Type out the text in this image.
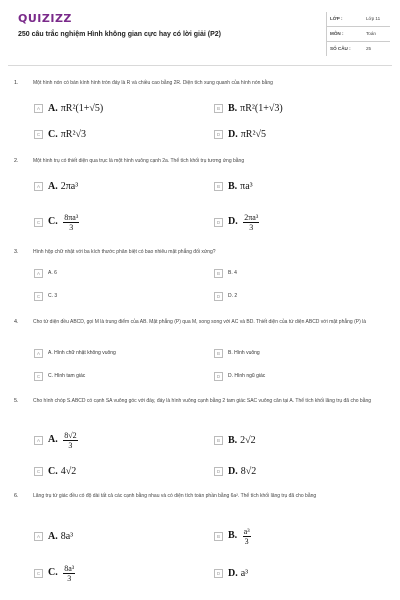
QUIZIZZ
250 câu trắc nghiệm Hình không gian cực hay có lời giải (P2)
LỚP :	Lớp 11
MÔN :	Toán
SỐ CÂU :	25
1.	Một hình nón có bán kính hình tròn đáy là R và chiều cao bằng 2R. Diện tích xung quanh của hình nón bằng
A A. πR²(1+√5)	B B. πR²(1+√3)
C C. πR²√3	D D. πR²√5
2.	Một hình trụ có thiết diện qua trục là một hình vuông cạnh 2a. Thể tích khối trụ tương ứng bằng
A A. 2πa³	B B. πa³
C C. $\frac{\text{8πa³}}{3}$	D D. $\frac{\text{2πa³}}{3}$
3.	Hình hộp chữ nhật với ba kích thước phân biệt có bao nhiêu mặt phẳng đối xứng?
A	A. 6	B	B. 4
C	C. 3	D	D. 2
4.	Cho tứ diện đều ABCD, gọi M là trung điểm của AB. Mặt phẳng (P) qua M, song song với AC và BD. Thiết diện của tứ diện ABCD với mặt phẳng (P) là
A	A. Hình chữ nhật không vuông	B	B. Hình vuông
C	C. Hình tam giác	D	D. Hình ngũ giác
5.	Cho hình chóp S.ABCD có cạnh SA vuông góc với đáy, đáy là hình vuông cạnh bằng 2 tam giác SAC vuông cân tại A. Thể tích khối lăng trụ đã cho bằng
A A. $\frac{8√2}{3}$	B B. 2√2
C C. 4√2	D D. 8√2
6.	Lăng trụ tứ giác đều có độ dài tất cả các cạnh bằng nhau và có diện tích toàn phần bằng 6a². Thể tích khối lăng trụ đã cho bằng
A A. 8a³	B B. $\frac{\text{a³}}{3}$
C C. $\frac{\text{8a³}}{3}$	D D. a³
